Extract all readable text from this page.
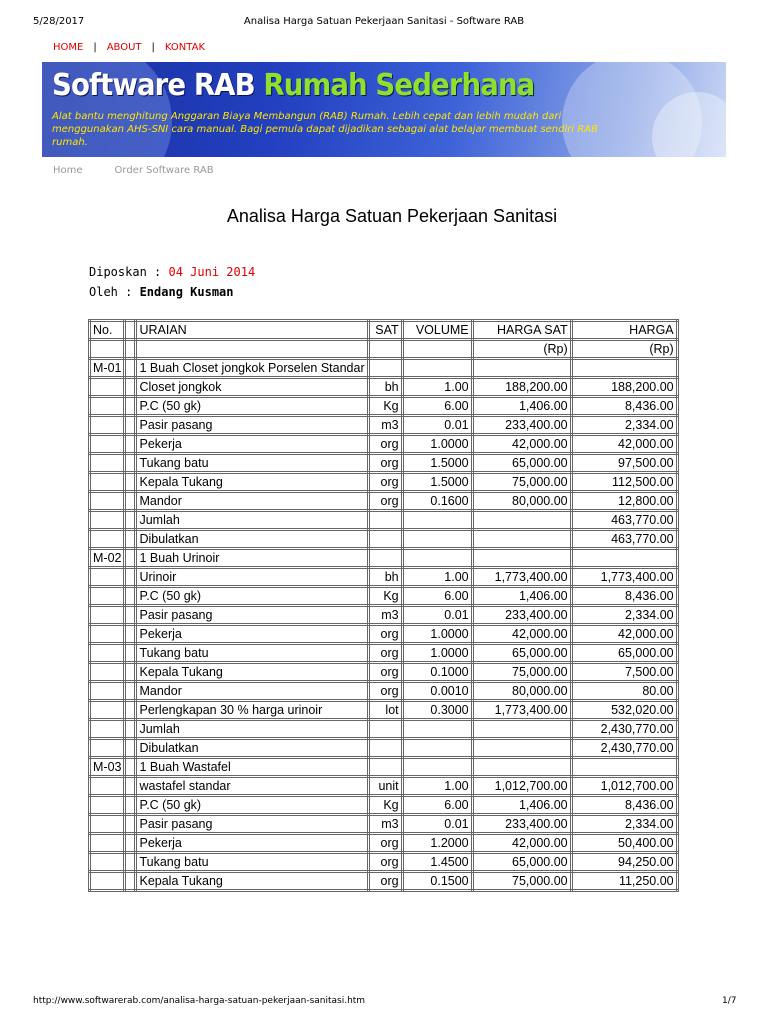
5/28/2017	Analisa Harga Satuan Pekerjaan Sanitasi - Software RAB
HOME | ABOUT | KONTAK
Software RAB Rumah Sederhana
Alat bantu menghitung Anggaran Biaya Membangun (RAB) Rumah. Lebih cepat dan lebih mudah dari menggunakan AHS-SNI cara manual. Bagi pemula dapat dijadikan sebagai alat belajar membuat sendiri RAB rumah.
Home	Order Software RAB
Analisa Harga Satuan Pekerjaan Sanitasi
Diposkan : 04 Juni 2014
Oleh : Endang Kusman
No.		URAIAN	SAT	VOLUME	HARGA SAT	HARGA
					(Rp)	(Rp)
M-01		1 Buah Closet jongkok Porselen Standar				
		Closet jongkok	bh	1.00	188,200.00	188,200.00
		P.C (50 gk)	Kg	6.00	1,406.00	8,436.00
		Pasir pasang	m3	0.01	233,400.00	2,334.00
		Pekerja	org	1.0000	42,000.00	42,000.00
		Tukang batu	org	1.5000	65,000.00	97,500.00
		Kepala Tukang	org	1.5000	75,000.00	112,500.00
		Mandor	org	0.1600	80,000.00	12,800.00
		Jumlah				463,770.00
		Dibulatkan				463,770.00
M-02		1 Buah Urinoir				
		Urinoir	bh	1.00	1,773,400.00	1,773,400.00
		P.C (50 gk)	Kg	6.00	1,406.00	8,436.00
		Pasir pasang	m3	0.01	233,400.00	2,334.00
		Pekerja	org	1.0000	42,000.00	42,000.00
		Tukang batu	org	1.0000	65,000.00	65,000.00
		Kepala Tukang	org	0.1000	75,000.00	7,500.00
		Mandor	org	0.0010	80,000.00	80.00
		Perlengkapan 30 % harga urinoir	lot	0.3000	1,773,400.00	532,020.00
		Jumlah				2,430,770.00
		Dibulatkan				2,430,770.00
M-03		1 Buah Wastafel				
		wastafel standar	unit	1.00	1,012,700.00	1,012,700.00
		P.C (50 gk)	Kg	6.00	1,406.00	8,436.00
		Pasir pasang	m3	0.01	233,400.00	2,334.00
		Pekerja	org	1.2000	42,000.00	50,400.00
		Tukang batu	org	1.4500	65,000.00	94,250.00
		Kepala Tukang	org	0.1500	75,000.00	11,250.00
http://www.softwarerab.com/analisa-harga-satuan-pekerjaan-sanitasi.htm	1/7
